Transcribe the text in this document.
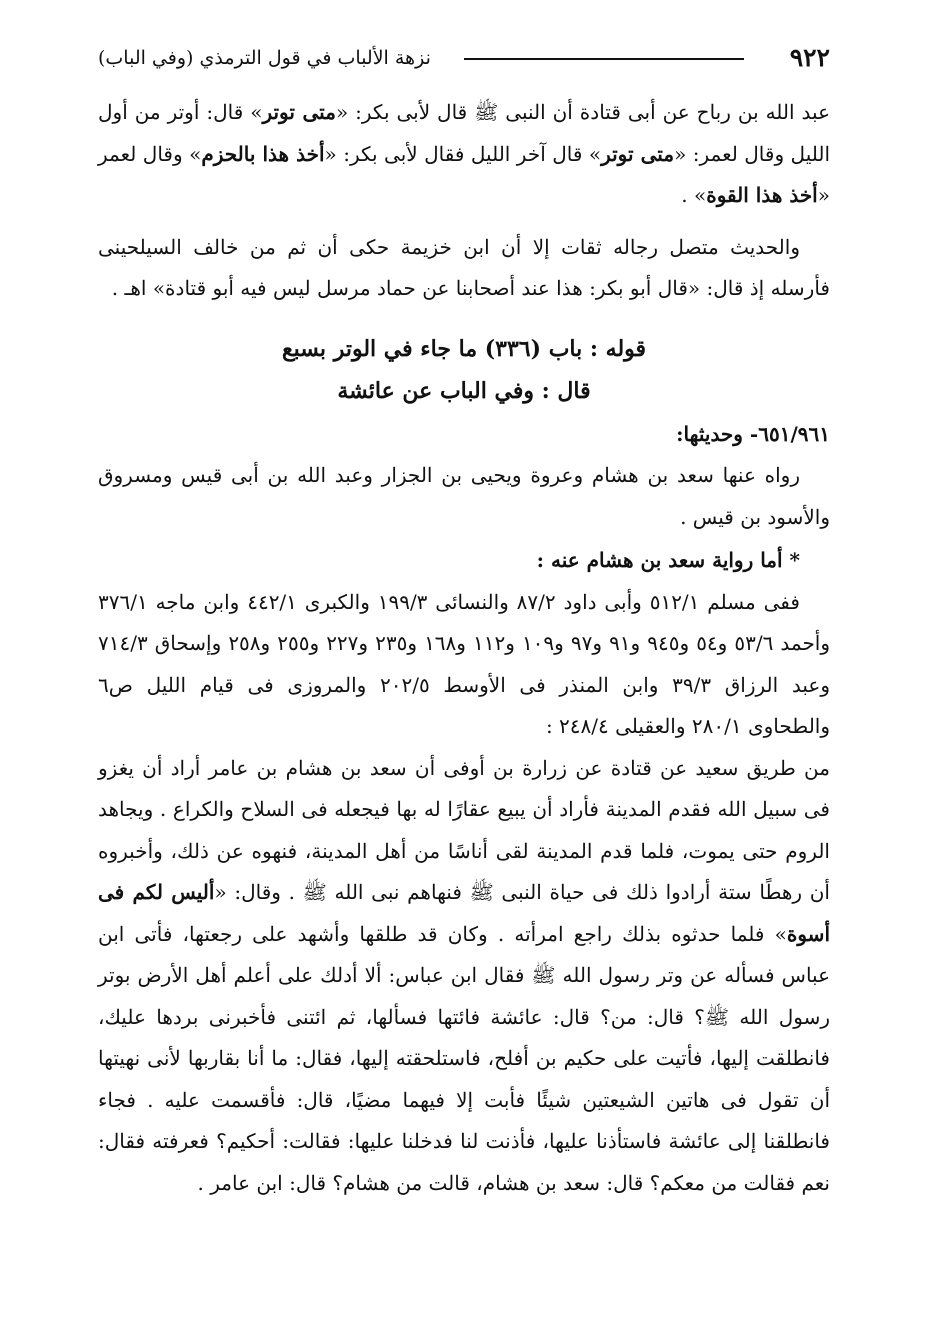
٩٢٢
نزهة الألباب في قول الترمذي (وفي الباب)

عبد الله بن رباح عن أبى قتادة أن النبى ﷺ قال لأبى بكر: «متى توتر» قال: أوتر من أول الليل وقال لعمر: «متى توتر» قال آخر الليل فقال لأبى بكر: «أخذ هذا بالحزم» وقال لعمر «أخذ هذا القوة» .

والحديث متصل رجاله ثقات إلا أن ابن خزيمة حكى أن ثم من خالف السيلحينى فأرسله إذ قال: «قال أبو بكر: هذا عند أصحابنا عن حماد مرسل ليس فيه أبو قتادة» اهـ .

قوله : باب (٣٣٦) ما جاء في الوتر بسبع

قال : وفي الباب عن عائشة

٦٥١/٩٦١- وحديثها:

رواه عنها سعد بن هشام وعروة ويحيى بن الجزار وعبد الله بن أبى قيس ومسروق والأسود بن قيس .

* أما رواية سعد بن هشام عنه :

ففى مسلم ٥١٢/١ وأبى داود ٨٧/٢ والنسائى ١٩٩/٣ والكبرى ٤٤٢/١ وابن ماجه ٣٧٦/١ وأحمد ٥٣/٦ و٥٤ و٩٤٥ و٩١ و٩٧ و١٠٩ و١١٢ و١٦٨ و٢٣٥ و٢٢٧ و٢٥٥ و٢٥٨ وإسحاق ٧١٤/٣ وعبد الرزاق ٣٩/٣ وابن المنذر فى الأوسط ٢٠٢/٥ والمروزى فى قيام الليل ص٦ والطحاوى ٢٨٠/١ والعقيلى ٢٤٨/٤ :

من طريق سعيد عن قتادة عن زرارة بن أوفى أن سعد بن هشام بن عامر أراد أن يغزو فى سبيل الله فقدم المدينة فأراد أن يبيع عقارًا له بها فيجعله فى السلاح والكراع . ويجاهد الروم حتى يموت، فلما قدم المدينة لقى أناسًا من أهل المدينة، فنهوه عن ذلك، وأخبروه أن رهطًا ستة أرادوا ذلك فى حياة النبى ﷺ فنهاهم نبى الله ﷺ . وقال: «أليس لكم فى أسوة» فلما حدثوه بذلك راجع امرأته . وكان قد طلقها وأشهد على رجعتها، فأتى ابن عباس فسأله عن وتر رسول الله ﷺ فقال ابن عباس: ألا أدلك على أعلم أهل الأرض بوتر رسول الله ﷺ؟ قال: من؟ قال: عائشة فائتها فسألها، ثم ائتنى فأخبرنى بردها عليك، فانطلقت إليها، فأتيت على حكيم بن أفلح، فاستلحقته إليها، فقال: ما أنا بقاربها لأنى نهيتها أن تقول فى هاتين الشيعتين شيئًا فأبت إلا فيهما مضيًا، قال: فأقسمت عليه . فجاء فانطلقنا إلى عائشة فاستأذنا عليها، فأذنت لنا فدخلنا عليها: فقالت: أحكيم؟ فعرفته فقال: نعم فقالت من معكم؟ قال: سعد بن هشام، قالت من هشام؟ قال: ابن عامر .
